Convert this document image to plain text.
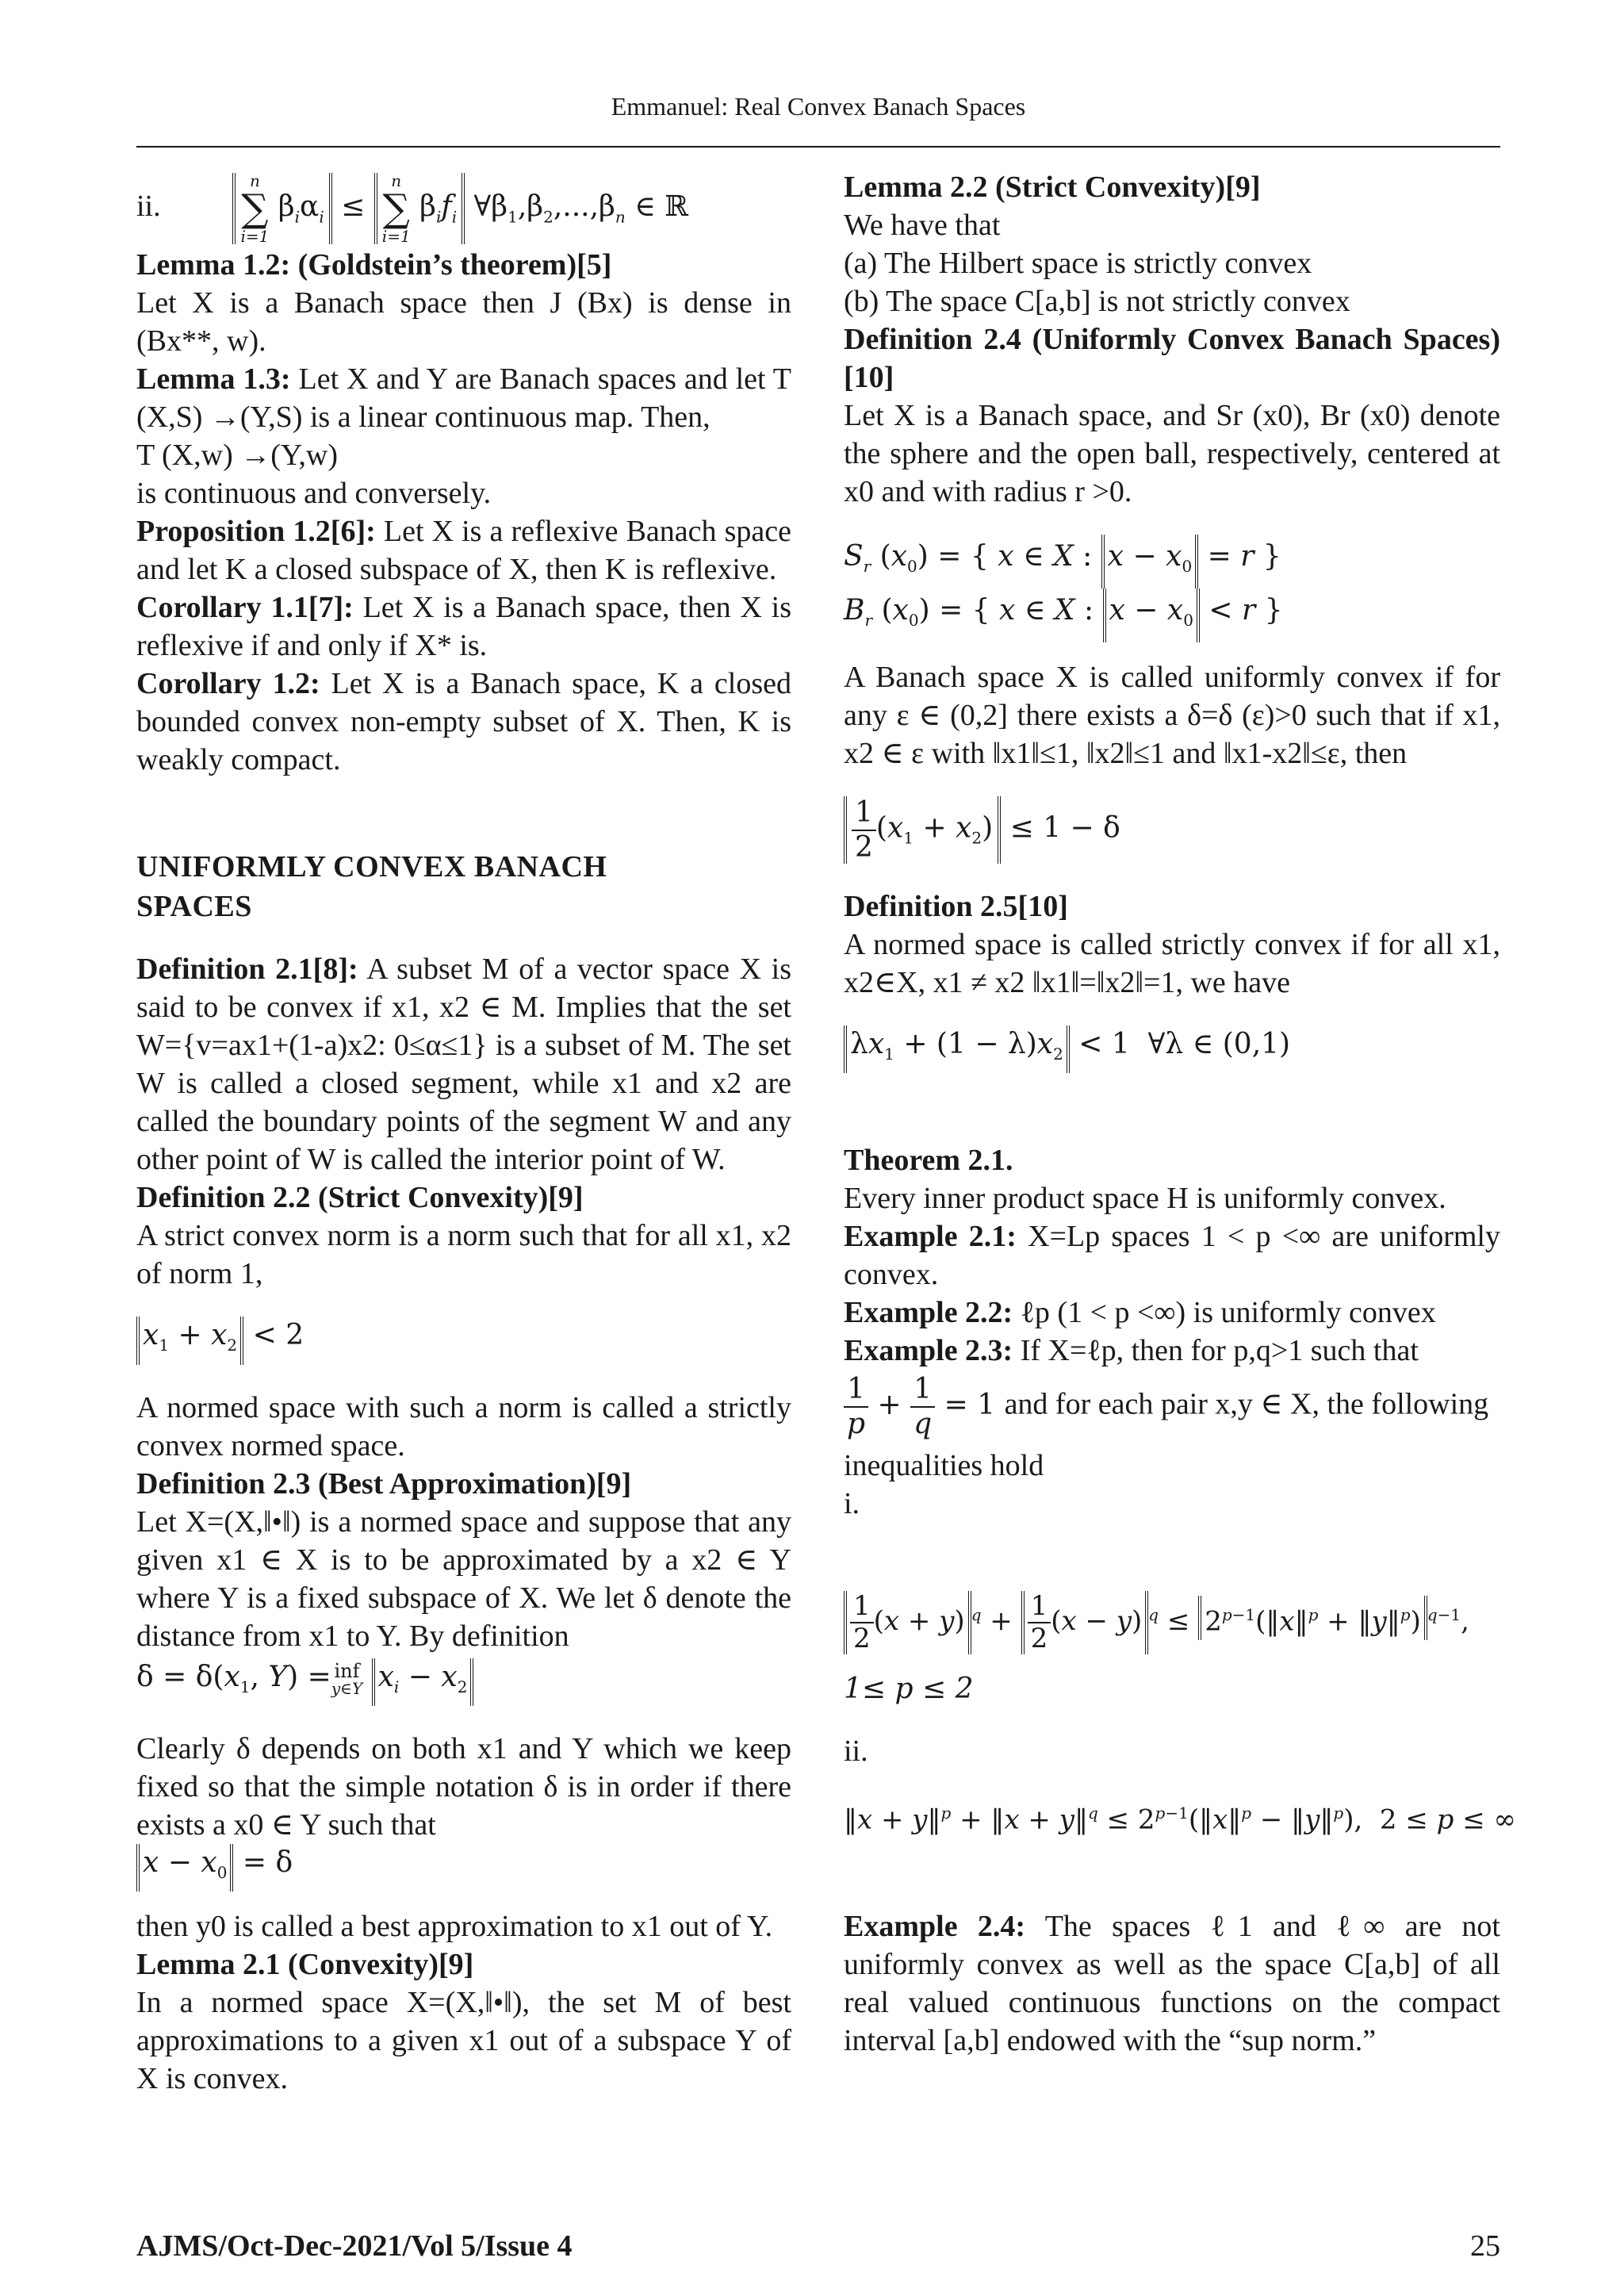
Emmanuel: Real Convex Banach Spaces
ii.
n
∑
i=1
$\beta_i\alpha_i$ ≤
n
∑
i=1
$\beta_if_i$ $\forall\beta_1,\beta_2,...,\beta_n$ ∈ ℝ

Lemma 1.2: (Goldstein’s theorem)[5]
Let X is a Banach space then J (Bx) is dense in (Bx**, w).

Lemma 1.3: Let X and Y are Banach spaces and let T (X,S) →(Y,S) is a linear continuous map. Then,

T (X,w) →(Y,w)

is continuous and conversely.

Proposition 1.2[6]: Let X is a reflexive Banach space and let K a closed subspace of X, then K is reflexive.

Corollary 1.1[7]: Let X is a Banach space, then X is reflexive if and only if X* is.

Corollary 1.2: Let X is a Banach space, K a closed bounded convex non-empty subset of X. Then, K is weakly compact.

UNIFORMLY CONVEX BANACH
SPACES

Definition 2.1[8]: A subset M of a vector space X is said to be convex if x1, x2 ∈ M. Implies that the set W={v=ax1+(1-a)x2: 0≤α≤1} is a subset of M. The set W is called a closed segment, while x1 and x2 are called the boundary points of the segment W and any other point of W is called the interior point of W.

Definition 2.2 (Strict Convexity)[9]
A strict convex norm is a norm such that for all x1, x2 of norm 1,

$x_1 + x_2 < 2$

A normed space with such a norm is called a strictly convex normed space.

Definition 2.3 (Best Approximation)[9]
Let X=(X,‖•‖) is a normed space and suppose that any given x1 ∈ X is to be approximated by a x2 ∈ Y where Y is a fixed subspace of X. We let δ denote the distance from x1 to Y. By definition

$\delta = \delta(x_1$, Y) = inf
y∈Y $x_i - x_2$

Clearly δ depends on both x1 and Y which we keep fixed so that the simple notation δ is in order if there exists a x0 ∈ Y such that

$x - x_0 = \delta$

then y0 is called a best approximation to x1 out of Y.

Lemma 2.1 (Convexity)[9]
In a normed space X=(X,‖•‖), the set M of best approximations to a given x1 out of a subspace Y of X is convex.

Lemma 2.2 (Strict Convexity)[9]
We have that
(a) The Hilbert space is strictly convex
(b) The space C[a,b] is not strictly convex

Definition 2.4 (Uniformly Convex Banach Spaces)[10]
Let X is a Banach space, and Sr (x0), Br (x0) denote the sphere and the open ball, respectively, centered at x0 and with radius r >0.

$S_r$ $(x_0)$ = { x ∈ X : $x - x_0 = r$ }
$B_r$ $(x_0)$ = { x ∈ X : $x - x_0 < r$ }

A Banach space X is called uniformly convex if for any ε ∈ (0,2] there exists a δ=δ (ε)>0 such that if x1, x2 ∈ ε with ‖x1‖≤1, ‖x2‖≤1 and ‖x1-x2‖≤ε, then

$\frac{1}{2} (x_1 + x_2) \le 1 - \delta$

Definition 2.5[10]
A normed space is called strictly convex if for all x1, x2∈X, x1 ≠ x2 ‖x1‖=‖x2‖=1, we have

$\lambda x_1 + (1 - \lambda)x_2 < 1$  ∀λ ∈ (0,1)

Theorem 2.1.
Every inner product space H is uniformly convex.

Example 2.1: X=Lp spaces 1 < p <∞ are uniformly convex.

Example 2.2: ℓp (1 < p <∞) is uniformly convex

Example 2.3: If X=ℓp, then for p,q>1 such that

$\frac{1}{p} + \frac{1}{q} = 1$ and for each pair x,y ∈ X, the following

inequalities hold

i.

$\frac{1}{2} (x + y)^q + \frac{1}{2} (x - y)^q$ ≤ $2^{p-1}(‖x‖^p$ + ‖y‖$^p$)$^{q-1}$,

1≤ p ≤ 2

ii.

‖x + y‖$^p$ + ‖x + y‖$^q$ ≤ $2^{p-1}(‖x‖^p$ − ‖y‖$^p$),  2 ≤ p ≤ ∞

Example 2.4: The spaces ℓ1 and ℓ∞ are not uniformly convex as well as the space C[a,b] of all real valued continuous functions on the compact interval [a,b] endowed with the “sup norm.”

AJMS/Oct-Dec-2021/Vol 5/Issue 4	25
